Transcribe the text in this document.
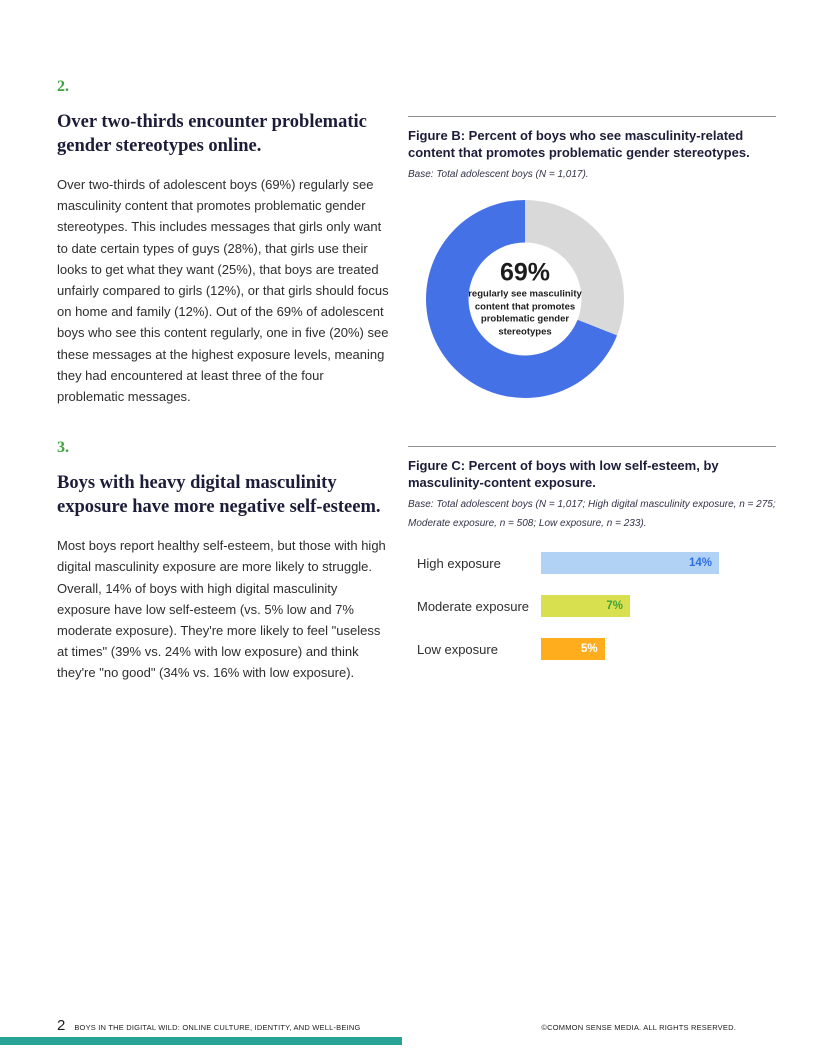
2.
Over two-thirds encounter problematic gender stereotypes online.

Over two-thirds of adolescent boys (69%) regularly see masculinity content that promotes problematic gender stereotypes. This includes messages that girls only want to date certain types of guys (28%), that girls use their looks to get what they want (25%), that boys are treated unfairly compared to girls (12%), or that girls should focus on home and family (12%). Out of the 69% of adolescent boys who see this content regularly, one in five (20%) see these messages at the highest exposure levels, meaning they had encountered at least three of the four problematic messages.

Figure B: Percent of boys who see masculinity-related content that promotes problematic gender stereotypes.
Base: Total adolescent boys (N = 1,017).
69%
regularly see masculinity content that promotes problematic gender stereotypes
3.
Boys with heavy digital masculinity exposure have more negative self-esteem.

Most boys report healthy self-esteem, but those with high digital masculinity exposure are more likely to struggle. Overall, 14% of boys with high digital masculinity exposure have low self-esteem (vs. 5% low and 7% moderate exposure). They're more likely to feel "useless at times" (39% vs. 24% with low exposure) and think they're "no good" (34% vs. 16% with low exposure).

Figure C: Percent of boys with low self-esteem, by masculinity-content exposure.
Base: Total adolescent boys (N = 1,017; High digital masculinity exposure, n = 275; Moderate exposure, n = 508; Low exposure, n = 233).
High exposure	14%
Moderate exposure	7%
Low exposure	5%
2 BOYS IN THE DIGITAL WILD: ONLINE CULTURE, IDENTITY, AND WELL-BEING	©COMMON SENSE MEDIA. ALL RIGHTS RESERVED.
